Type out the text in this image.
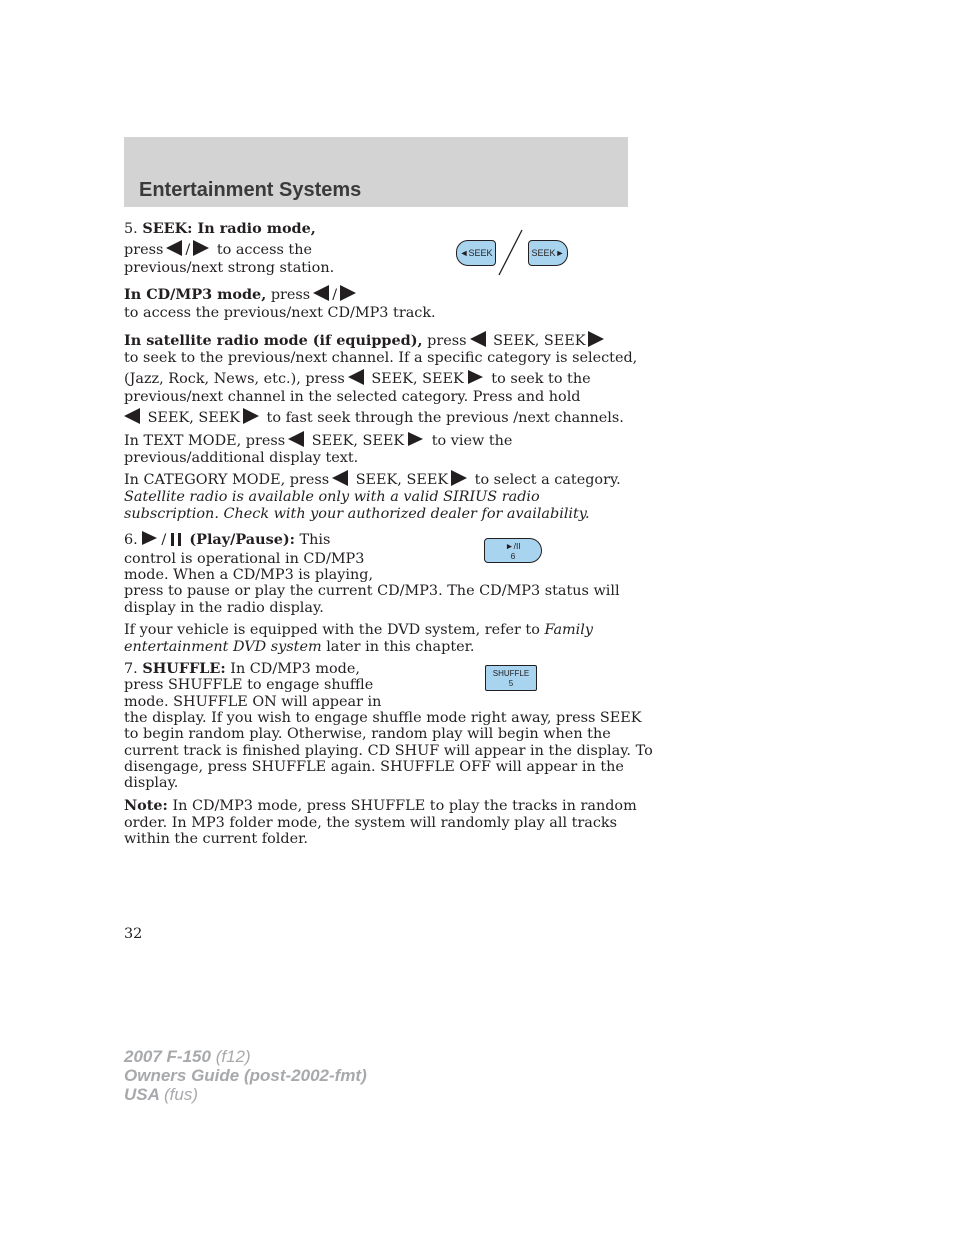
Entertainment Systems
5. SEEK: In radio mode,
press / to access the
previous/next strong station.
◄SEEK	SEEK►
In CD/MP3 mode, press /
to access the previous/next CD/MP3 track.
In satellite radio mode (if equipped), press SEEK, SEEK
to seek to the previous/next channel. If a specific category is selected,
(Jazz, Rock, News, etc.), press SEEK, SEEK to seek to the
previous/next channel in the selected category. Press and hold
SEEK, SEEK to fast seek through the previous /next channels.
In TEXT MODE, press SEEK, SEEK to view the
previous/additional display text.
In CATEGORY MODE, press SEEK, SEEK to select a category.
Satellite radio is available only with a valid SIRIUS radio
subscription. Check with your authorized dealer for availability.
6. / (Play/Pause): This
control is operational in CD/MP3
mode. When a CD/MP3 is playing,
press to pause or play the current CD/MP3. The CD/MP3 status will
display in the radio display.
►/II
6
If your vehicle is equipped with the DVD system, refer to Family
entertainment DVD system later in this chapter.
7. SHUFFLE: In CD/MP3 mode,
press SHUFFLE to engage shuffle
mode. SHUFFLE ON will appear in
the display. If you wish to engage shuffle mode right away, press SEEK
to begin random play. Otherwise, random play will begin when the
current track is finished playing. CD SHUF will appear in the display. To
disengage, press SHUFFLE again. SHUFFLE OFF will appear in the
display.
SHUFFLE
5
Note: In CD/MP3 mode, press SHUFFLE to play the tracks in random
order. In MP3 folder mode, the system will randomly play all tracks
within the current folder.
32
2007 F-150 (f12)
Owners Guide (post-2002-fmt)
USA (fus)
